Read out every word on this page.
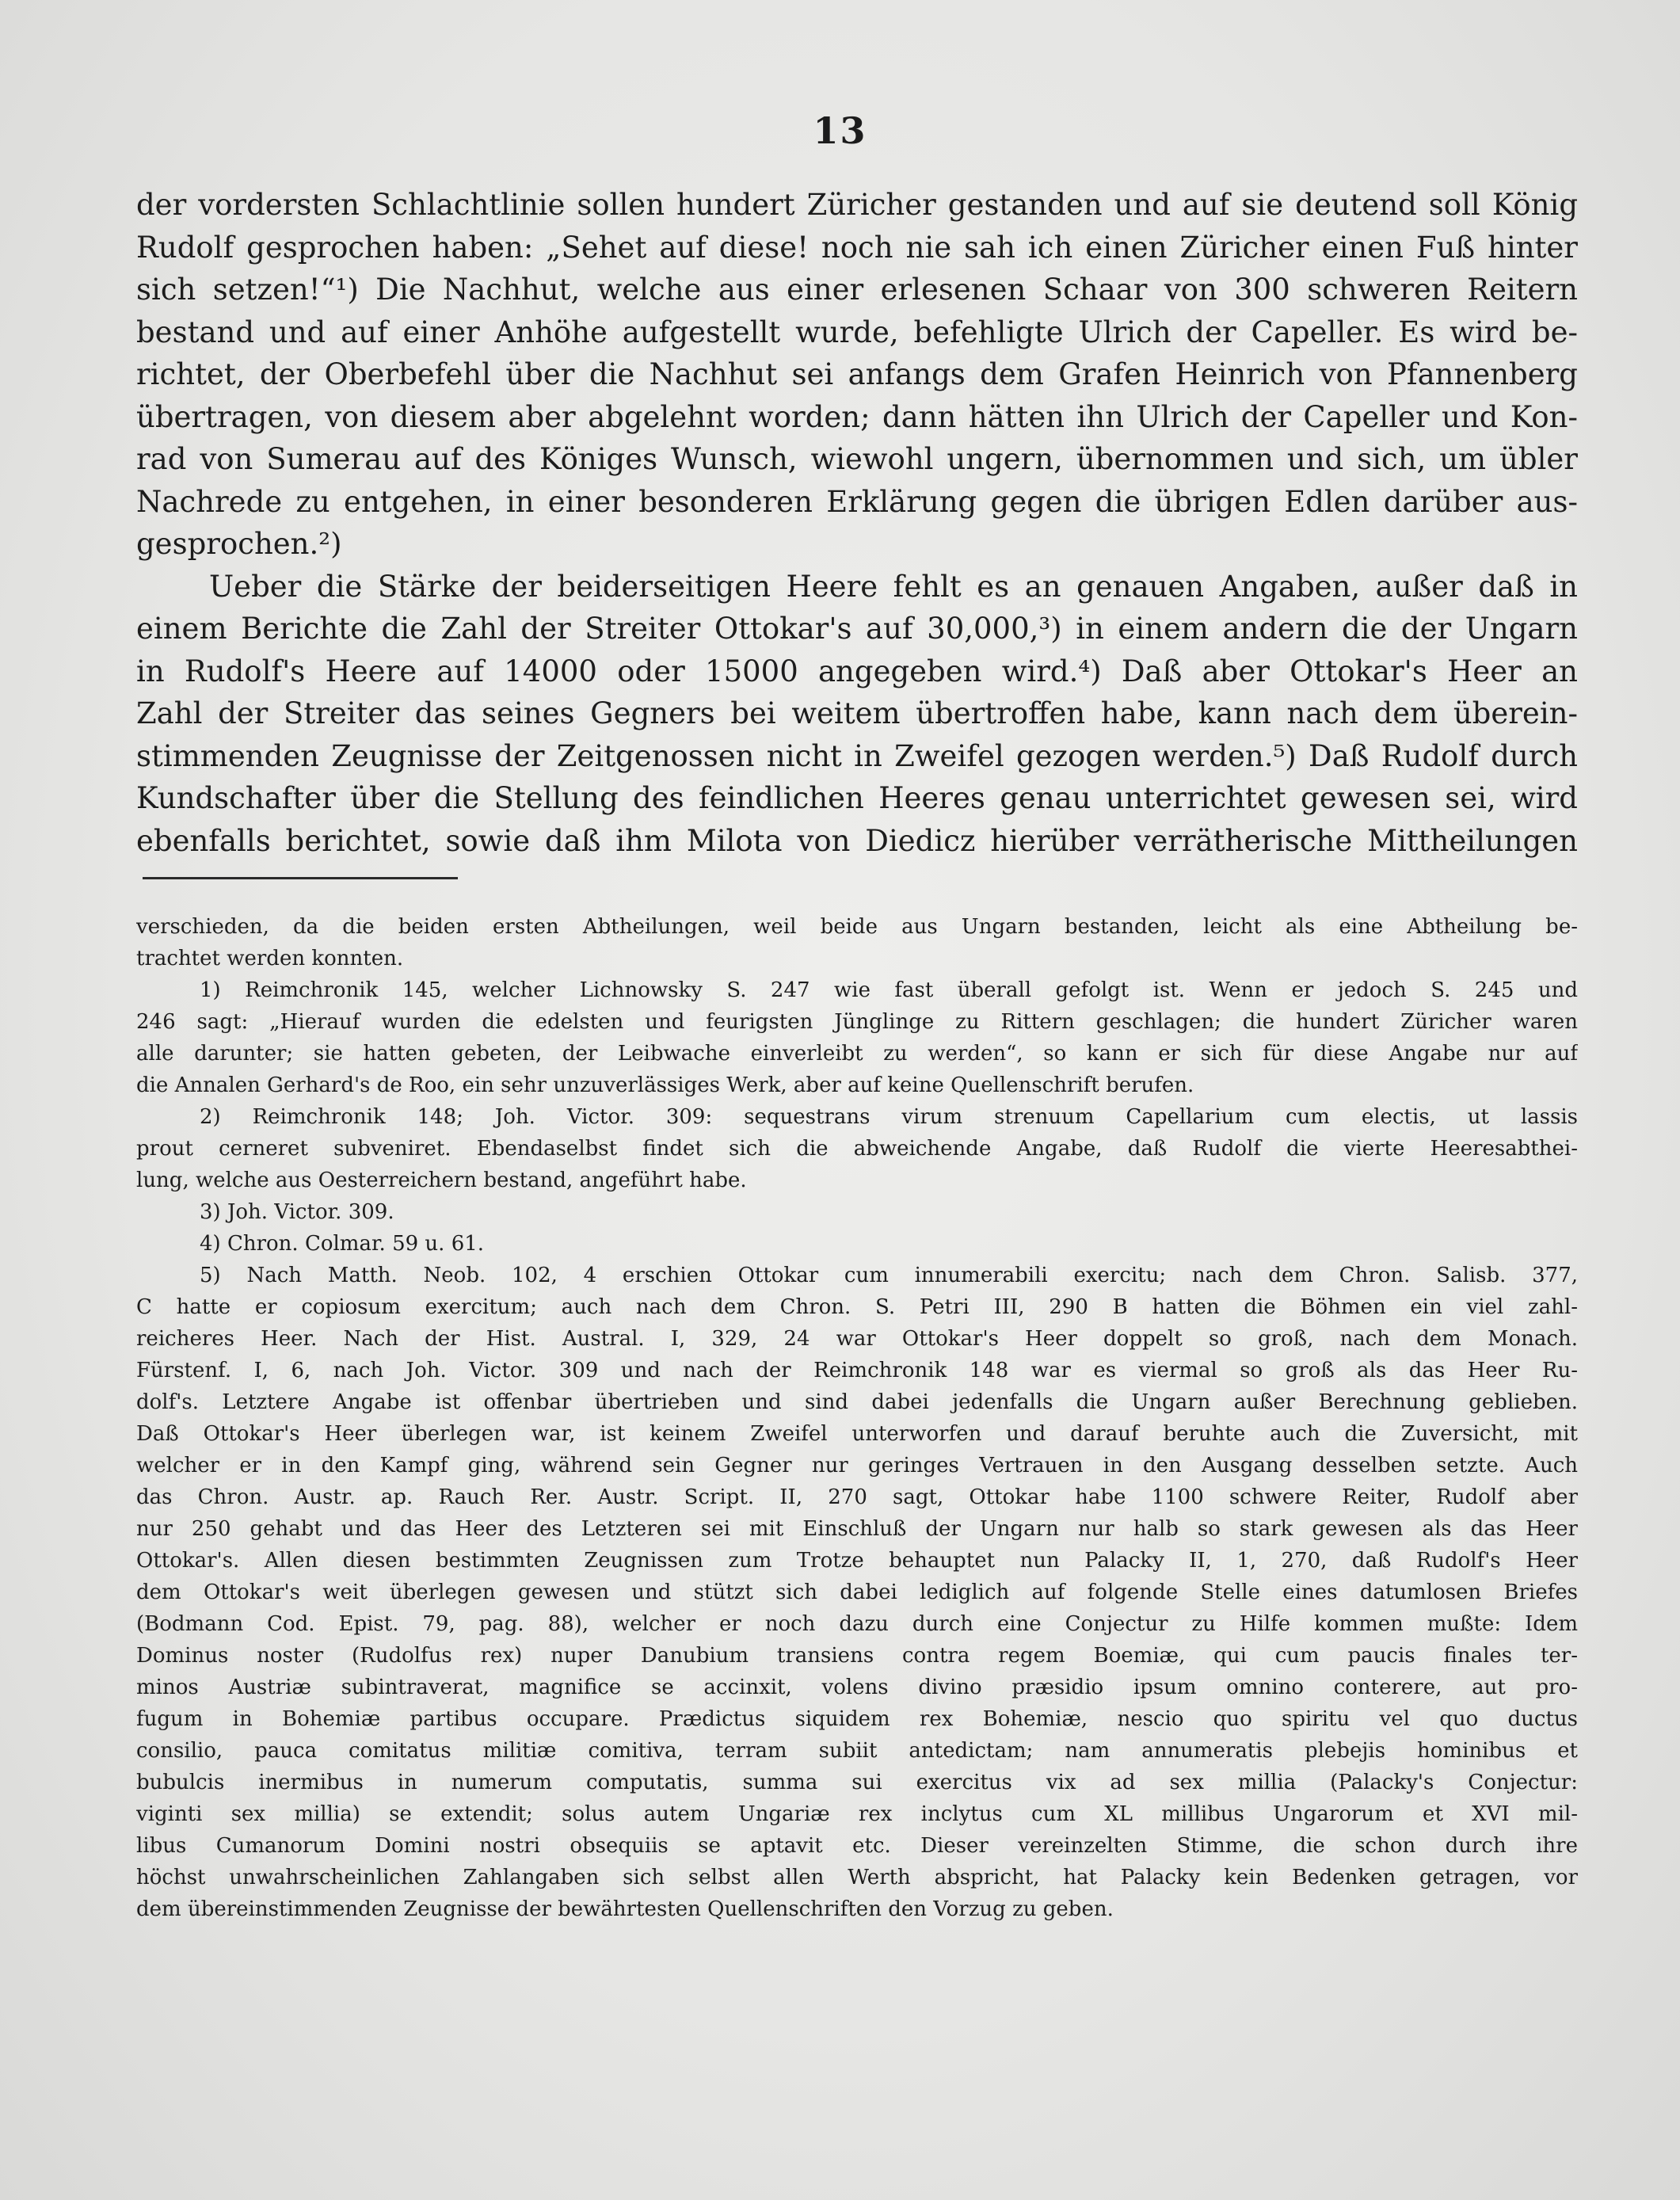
13
der vordersten Schlachtlinie sollen hundert Züricher gestanden und auf sie deutend soll König
Rudolf gesprochen haben: „Sehet auf diese! noch nie sah ich einen Züricher einen Fuß hinter
sich setzen!“¹) Die Nachhut, welche aus einer erlesenen Schaar von 300 schweren Reitern
bestand und auf einer Anhöhe aufgestellt wurde, befehligte Ulrich der Capeller. Es wird be-
richtet, der Oberbefehl über die Nachhut sei anfangs dem Grafen Heinrich von Pfannenberg
übertragen, von diesem aber abgelehnt worden; dann hätten ihn Ulrich der Capeller und Kon-
rad von Sumerau auf des Königes Wunsch, wiewohl ungern, übernommen und sich, um übler
Nachrede zu entgehen, in einer besonderen Erklärung gegen die übrigen Edlen darüber aus-
gesprochen.²)
Ueber die Stärke der beiderseitigen Heere fehlt es an genauen Angaben, außer daß in
einem Berichte die Zahl der Streiter Ottokar's auf 30,000,³) in einem andern die der Ungarn
in Rudolf's Heere auf 14000 oder 15000 angegeben wird.⁴) Daß aber Ottokar's Heer an
Zahl der Streiter das seines Gegners bei weitem übertroffen habe, kann nach dem überein-
stimmenden Zeugnisse der Zeitgenossen nicht in Zweifel gezogen werden.⁵) Daß Rudolf durch
Kundschafter über die Stellung des feindlichen Heeres genau unterrichtet gewesen sei, wird
ebenfalls berichtet, sowie daß ihm Milota von Diedicz hierüber verrätherische Mittheilungen
verschieden, da die beiden ersten Abtheilungen, weil beide aus Ungarn bestanden, leicht als eine Abtheilung be-
trachtet werden konnten.
1) Reimchronik 145, welcher Lichnowsky S. 247 wie fast überall gefolgt ist. Wenn er jedoch S. 245 und
246 sagt: „Hierauf wurden die edelsten und feurigsten Jünglinge zu Rittern geschlagen; die hundert Züricher waren
alle darunter; sie hatten gebeten, der Leibwache einverleibt zu werden“, so kann er sich für diese Angabe nur auf
die Annalen Gerhard's de Roo, ein sehr unzuverlässiges Werk, aber auf keine Quellenschrift berufen.
2) Reimchronik 148; Joh. Victor. 309: sequestrans virum strenuum Capellarium cum electis, ut lassis
prout cerneret subveniret. Ebendaselbst findet sich die abweichende Angabe, daß Rudolf die vierte Heeresabthei-
lung, welche aus Oesterreichern bestand, angeführt habe.
3) Joh. Victor. 309.
4) Chron. Colmar. 59 u. 61.
5) Nach Matth. Neob. 102, 4 erschien Ottokar cum innumerabili exercitu; nach dem Chron. Salisb. 377,
C hatte er copiosum exercitum; auch nach dem Chron. S. Petri III, 290 B hatten die Böhmen ein viel zahl-
reicheres Heer. Nach der Hist. Austral. I, 329, 24 war Ottokar's Heer doppelt so groß, nach dem Monach.
Fürstenf. I, 6, nach Joh. Victor. 309 und nach der Reimchronik 148 war es viermal so groß als das Heer Ru-
dolf's. Letztere Angabe ist offenbar übertrieben und sind dabei jedenfalls die Ungarn außer Berechnung geblieben.
Daß Ottokar's Heer überlegen war, ist keinem Zweifel unterworfen und darauf beruhte auch die Zuversicht, mit
welcher er in den Kampf ging, während sein Gegner nur geringes Vertrauen in den Ausgang desselben setzte. Auch
das Chron. Austr. ap. Rauch Rer. Austr. Script. II, 270 sagt, Ottokar habe 1100 schwere Reiter, Rudolf aber
nur 250 gehabt und das Heer des Letzteren sei mit Einschluß der Ungarn nur halb so stark gewesen als das Heer
Ottokar's. Allen diesen bestimmten Zeugnissen zum Trotze behauptet nun Palacky II, 1, 270, daß Rudolf's Heer
dem Ottokar's weit überlegen gewesen und stützt sich dabei lediglich auf folgende Stelle eines datumlosen Briefes
(Bodmann Cod. Epist. 79, pag. 88), welcher er noch dazu durch eine Conjectur zu Hilfe kommen mußte: Idem
Dominus noster (Rudolfus rex) nuper Danubium transiens contra regem Boemiæ, qui cum paucis finales ter-
minos Austriæ subintraverat, magnifice se accinxit, volens divino præsidio ipsum omnino conterere, aut pro-
fugum in Bohemiæ partibus occupare. Prædictus siquidem rex Bohemiæ, nescio quo spiritu vel quo ductus
consilio, pauca comitatus militiæ comitiva, terram subiit antedictam; nam annumeratis plebejis hominibus et
bubulcis inermibus in numerum computatis, summa sui exercitus vix ad sex millia (Palacky's Conjectur:
viginti sex millia) se extendit; solus autem Ungariæ rex inclytus cum XL millibus Ungarorum et XVI mil-
libus Cumanorum Domini nostri obsequiis se aptavit etc. Dieser vereinzelten Stimme, die schon durch ihre
höchst unwahrscheinlichen Zahlangaben sich selbst allen Werth abspricht, hat Palacky kein Bedenken getragen, vor
dem übereinstimmenden Zeugnisse der bewährtesten Quellenschriften den Vorzug zu geben.
